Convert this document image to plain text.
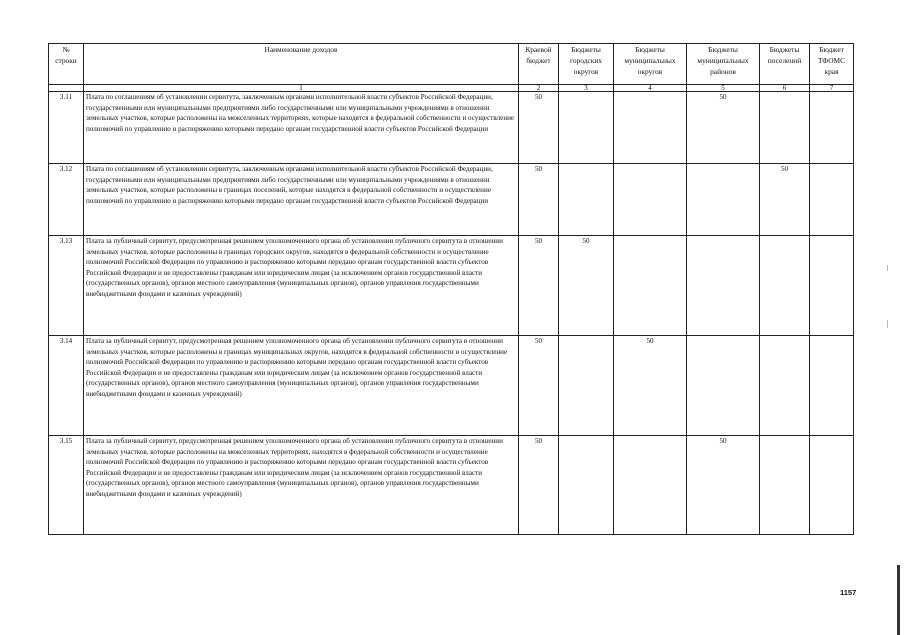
№ строки	Наименование доходов	Краевой бюджет	Бюджеты городских округов	Бюджеты муниципальных округов	Бюджеты муниципальных районов	Бюджеты поселений	Бюджет ТФОМС края
	1	2	3	4	5	6	7
3.11	Плата по соглашениям об установлении сервитута, заключенным органами исполнительной власти субъектов Российской Федерации, государственными или муниципальными предприятиями либо государственными или муниципальными учреждениями в отношении земельных участков, которые расположены на межселенных территориях, которые находятся в федеральной собственности и осуществление полномочий по управлению и распоряжению которыми передано органам государственной власти субъектов Российской Федерации	50			50		
3.12	Плата по соглашениям об установлении сервитута, заключенным органами исполнительной власти субъектов Российской Федерации, государственными или муниципальными предприятиями либо государственными или муниципальными учреждениями в отношении земельных участков, которые расположены в границах поселений, которые находятся в федеральной собственности и осуществление полномочий по управлению и распоряжению которыми передано органам государственной власти субъектов Российской Федерации	50				50	
3.13	Плата за публичный сервитут, предусмотренная решением уполномоченного органа об установлении публичного сервитута в отношении земельных участков, которые расположены в границах городских округов, находятся в федеральной собственности и осуществление полномочий Российской Федерации по управлению и распоряжению которыми передано органам государственной власти субъектов Российской Федерации и не предоставлены гражданам или юридическим лицам (за исключением органов государственной власти (государственных органов), органов местного самоуправления (муниципальных органов), органов управления государственными внебюджетными фондами и казенных учреждений)	50	50				
3.14	Плата за публичный сервитут, предусмотренная решением уполномоченного органа об установлении публичного сервитута в отношении земельных участков, которые расположены в границах муниципальных округов, находятся в федеральной собственности и осуществление полномочий Российской Федерации по управлению и распоряжению которыми передано органам государственной власти субъектов Российской Федерации и не предоставлены гражданам или юридическим лицам (за исключением органов государственной власти (государственных органов), органов местного самоуправления (муниципальных органов), органов управления государственными внебюджетными фондами и казенных учреждений)	50		50			
3.15	Плата за публичный сервитут, предусмотренная решением уполномоченного органа об установлении публичного сервитута в отношении земельных участков, которые расположены на межселенных территориях, находятся в федеральной собственности и осуществление полномочий Российской Федерации по управлению и распоряжению которыми передано органам государственной власти субъектов Российской Федерации и не предоставлены гражданам или юридическим лицам (за исключением органов государственной власти (государственных органов), органов местного самоуправления (муниципальных органов), органов управления государственными внебюджетными фондами и казенных учреждений)	50			50		
1157
